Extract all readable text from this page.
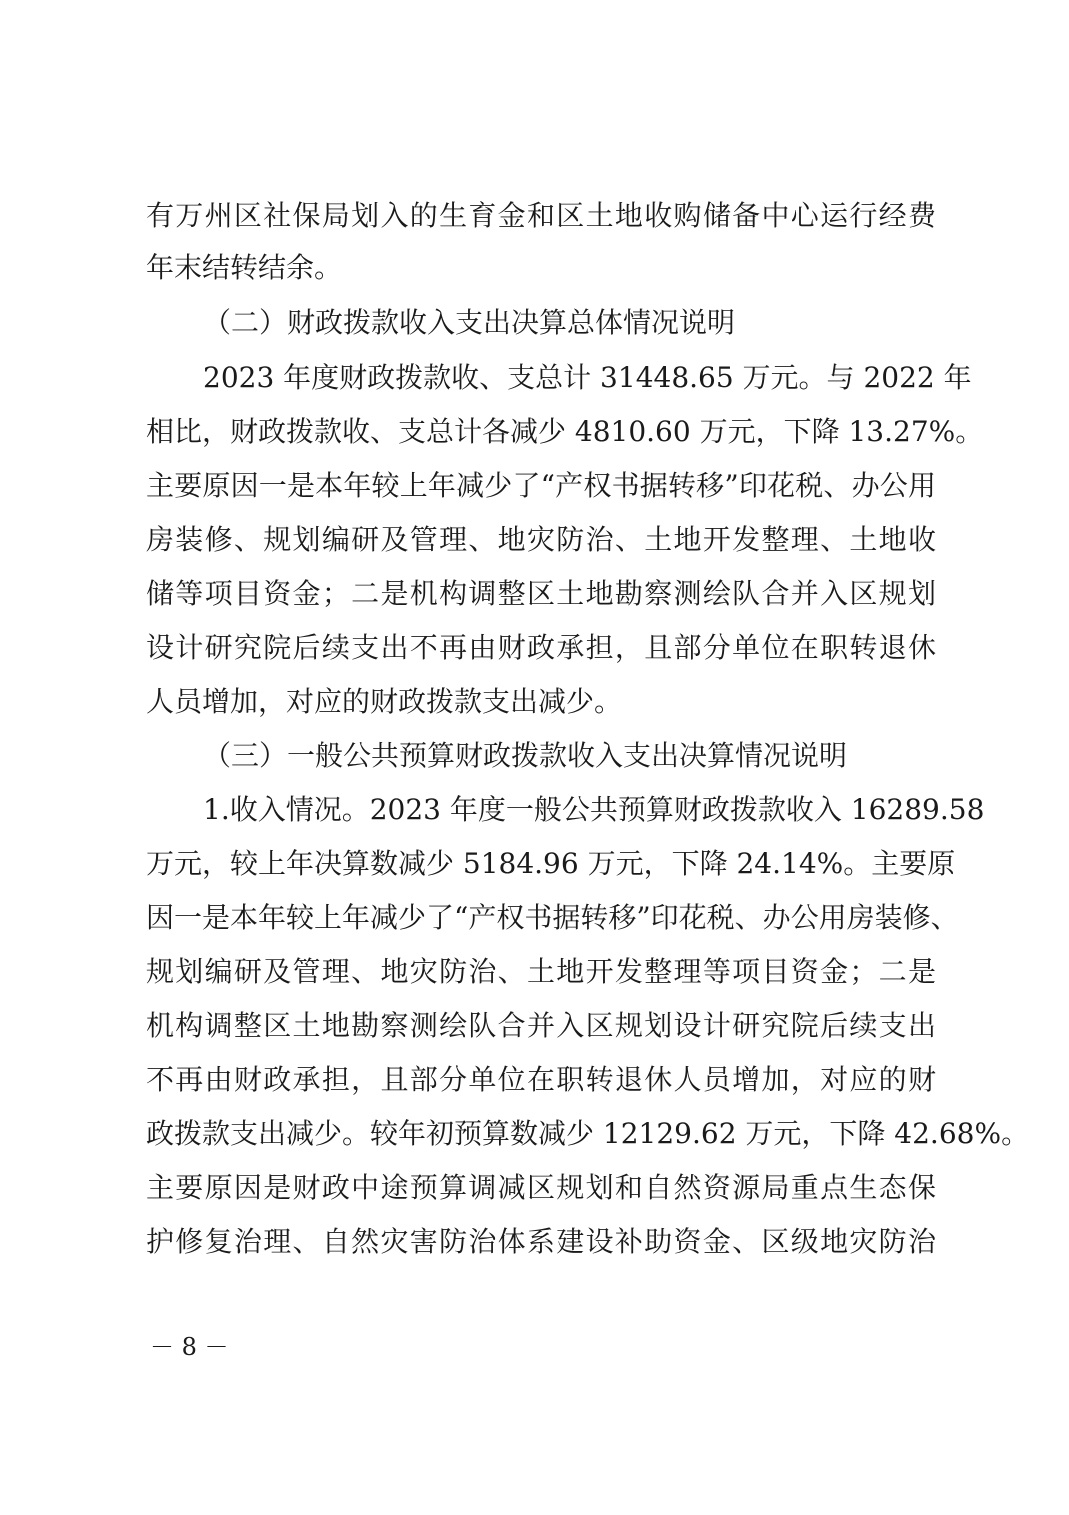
有万州区社保局划入的生育金和区土地收购储备中心运行经费
年末结转结余。
（二）财政拨款收入支出决算总体情况说明
2023 年度财政拨款收、支总计 31448.65 万元。与 2022 年
相比，财政拨款收、支总计各减少 4810.60 万元，下降 13.27%。
主要原因一是本年较上年减少了“产权书据转移”印花税、办公用
房装修、规划编研及管理、地灾防治、土地开发整理、土地收
储等项目资金；二是机构调整区土地勘察测绘队合并入区规划
设计研究院后续支出不再由财政承担，且部分单位在职转退休
人员增加，对应的财政拨款支出减少。
（三）一般公共预算财政拨款收入支出决算情况说明
1.收入情况。2023 年度一般公共预算财政拨款收入 16289.58
万元，较上年决算数减少 5184.96 万元，下降 24.14%。主要原
因一是本年较上年减少了“产权书据转移”印花税、办公用房装修、
规划编研及管理、地灾防治、土地开发整理等项目资金；二是
机构调整区土地勘察测绘队合并入区规划设计研究院后续支出
不再由财政承担，且部分单位在职转退休人员增加，对应的财
政拨款支出减少。较年初预算数减少 12129.62 万元，下降 42.68%。
主要原因是财政中途预算调减区规划和自然资源局重点生态保
护修复治理、自然灾害防治体系建设补助资金、区级地灾防治
－ 8 －
